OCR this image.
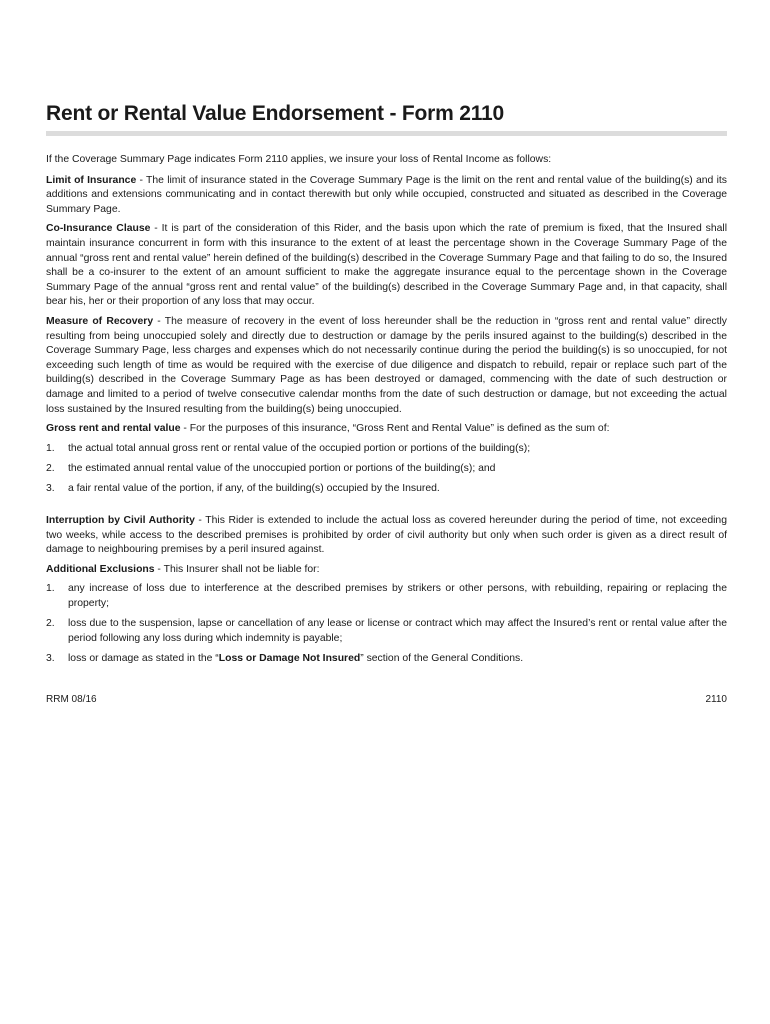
Rent or Rental Value Endorsement - Form 2110

If the Coverage Summary Page indicates Form 2110 applies, we insure your loss of Rental Income as follows:

Limit of Insurance - The limit of insurance stated in the Coverage Summary Page is the limit on the rent and rental value of the building(s) and its additions and extensions communicating and in contact therewith but only while occupied, constructed and situated as described in the Coverage Summary Page.

Co-Insurance Clause - It is part of the consideration of this Rider, and the basis upon which the rate of premium is fixed, that the Insured shall maintain insurance concurrent in form with this insurance to the extent of at least the percentage shown in the Coverage Summary Page of the annual “gross rent and rental value” herein defined of the building(s) described in the Coverage Summary Page and that failing to do so, the Insured shall be a co-insurer to the extent of an amount sufficient to make the aggregate insurance equal to the percentage shown in the Coverage Summary Page of the annual “gross rent and rental value” of the building(s) described in the Coverage Summary Page and, in that capacity, shall bear his, her or their proportion of any loss that may occur.

Measure of Recovery - The measure of recovery in the event of loss hereunder shall be the reduction in “gross rent and rental value” directly resulting from being unoccupied solely and directly due to destruction or damage by the perils insured against to the building(s) described in the Coverage Summary Page, less charges and expenses which do not necessarily continue during the period the building(s) is so unoccupied, for not exceeding such length of time as would be required with the exercise of due diligence and dispatch to rebuild, repair or replace such part of the building(s) described in the Coverage Summary Page as has been destroyed or damaged, commencing with the date of such destruction or damage and limited to a period of twelve consecutive calendar months from the date of such destruction or damage, but not exceeding the actual loss sustained by the Insured resulting from the building(s) being unoccupied.

Gross rent and rental value - For the purposes of this insurance, “Gross Rent and Rental Value” is defined as the sum of:

1.	the actual total annual gross rent or rental value of the occupied portion or portions of the building(s);
2.	the estimated annual rental value of the unoccupied portion or portions of the building(s); and
3.	a fair rental value of the portion, if any, of the building(s) occupied by the Insured.

Interruption by Civil Authority - This Rider is extended to include the actual loss as covered hereunder during the period of time, not exceeding two weeks, while access to the described premises is prohibited by order of civil authority but only when such order is given as a direct result of damage to neighbouring premises by a peril insured against.

Additional Exclusions - This Insurer shall not be liable for:

1.	any increase of loss due to interference at the described premises by strikers or other persons, with rebuilding, repairing or replacing the property;
2.	loss due to the suspension, lapse or cancellation of any lease or license or contract which may affect the Insured’s rent or rental value after the period following any loss during which indemnity is payable;
3.	loss or damage as stated in the “Loss or Damage Not Insured” section of the General Conditions.
RRM 08/16	2110
